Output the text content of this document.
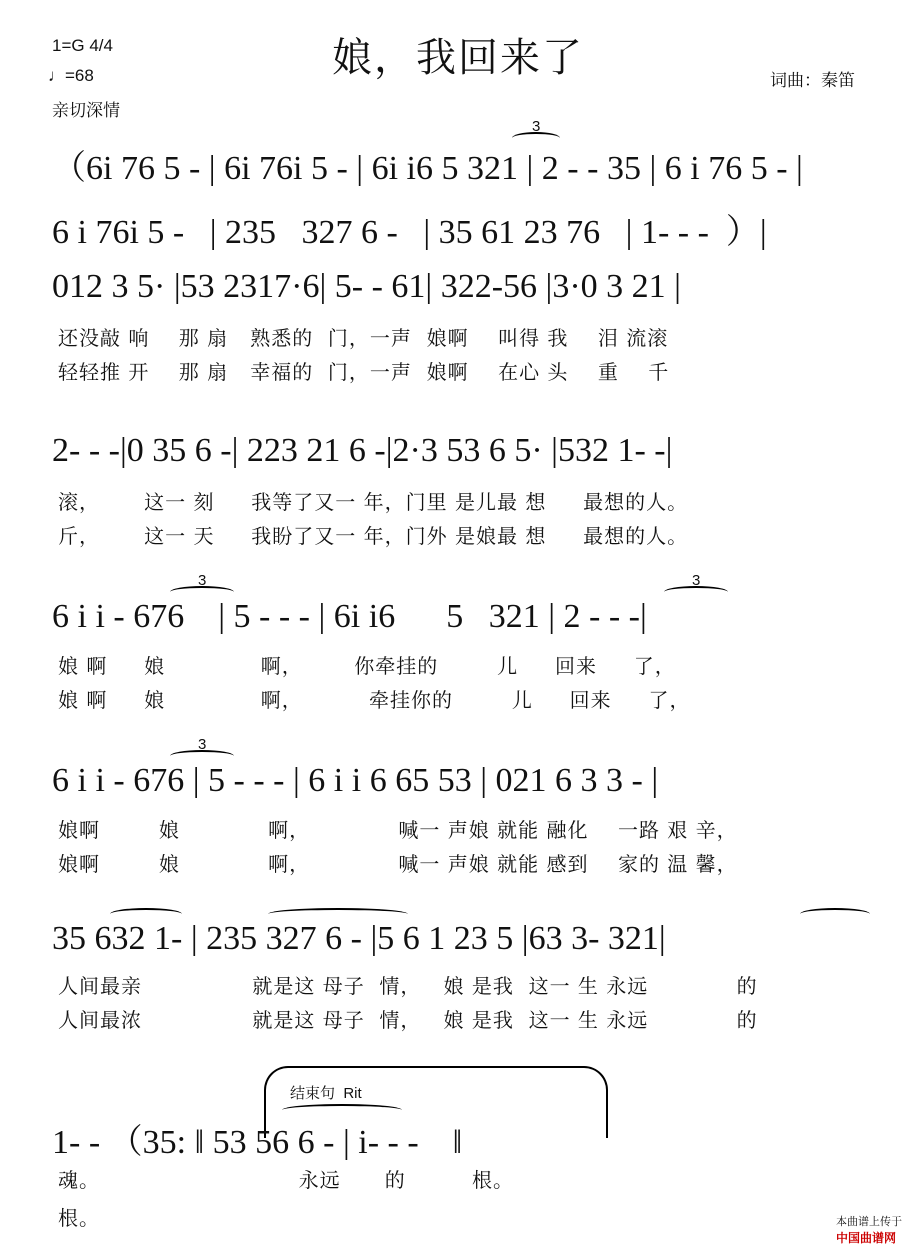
娘，我回来了
1=G 4/4
♩=68
亲切深情
词曲：秦笛
（6i 76 5 - | 6i 76i 5 - | 6i i6 5 321 | 2 - - 35 | 6 i 76 5 - |
3
6 i 76i 5 -   | 235   327 6 -   | 35 61 23 76   | 1- - -  ）|
012 3 5· |53 2317·6| 5- - 61| 322-56 |3·0 3 21 |
还没敲 响    那 扇   熟悉的  门，一声  娘啊    叫得 我    泪 流滚
轻轻推 开    那 扇   幸福的  门，一声  娘啊    在心 头    重    千
2- - -|0 35 6 -| 223 21 6 -|2·3 53 6 5· |532 1- -|
滚，      这一 刻     我等了又一 年，门里 是儿最 想     最想的人。
斤，      这一 天     我盼了又一 年，门外 是娘最 想     最想的人。
6 i i - 676    | 5 - - - | 6i i6      5   321 | 2 - - -|
3	3
娘 啊     娘             啊，       你牵挂的        儿     回来     了，
娘 啊     娘             啊，         牵挂你的        儿     回来     了，
6 i i - 676 | 5 - - - | 6 i i 6 65 53 | 021 6 3 3 - |
3
娘啊        娘            啊，            喊一 声娘 就能 融化    一路 艰 辛，
娘啊        娘            啊，            喊一 声娘 就能 感到    家的 温 馨，
35 632 1- | 235 327 6 - |5 6 1 23 5 |63 3- 321|
人间最亲               就是这 母子  情，   娘 是我  这一 生 永远            的
人间最浓               就是这 母子  情，   娘 是我  这一 生 永远            的
结束句  Rit
1- - （35: ‖ 53 56 6 - | i- - -    ‖
魂。                           永远      的         根。
根。	本曲谱上传于
中国曲谱网
